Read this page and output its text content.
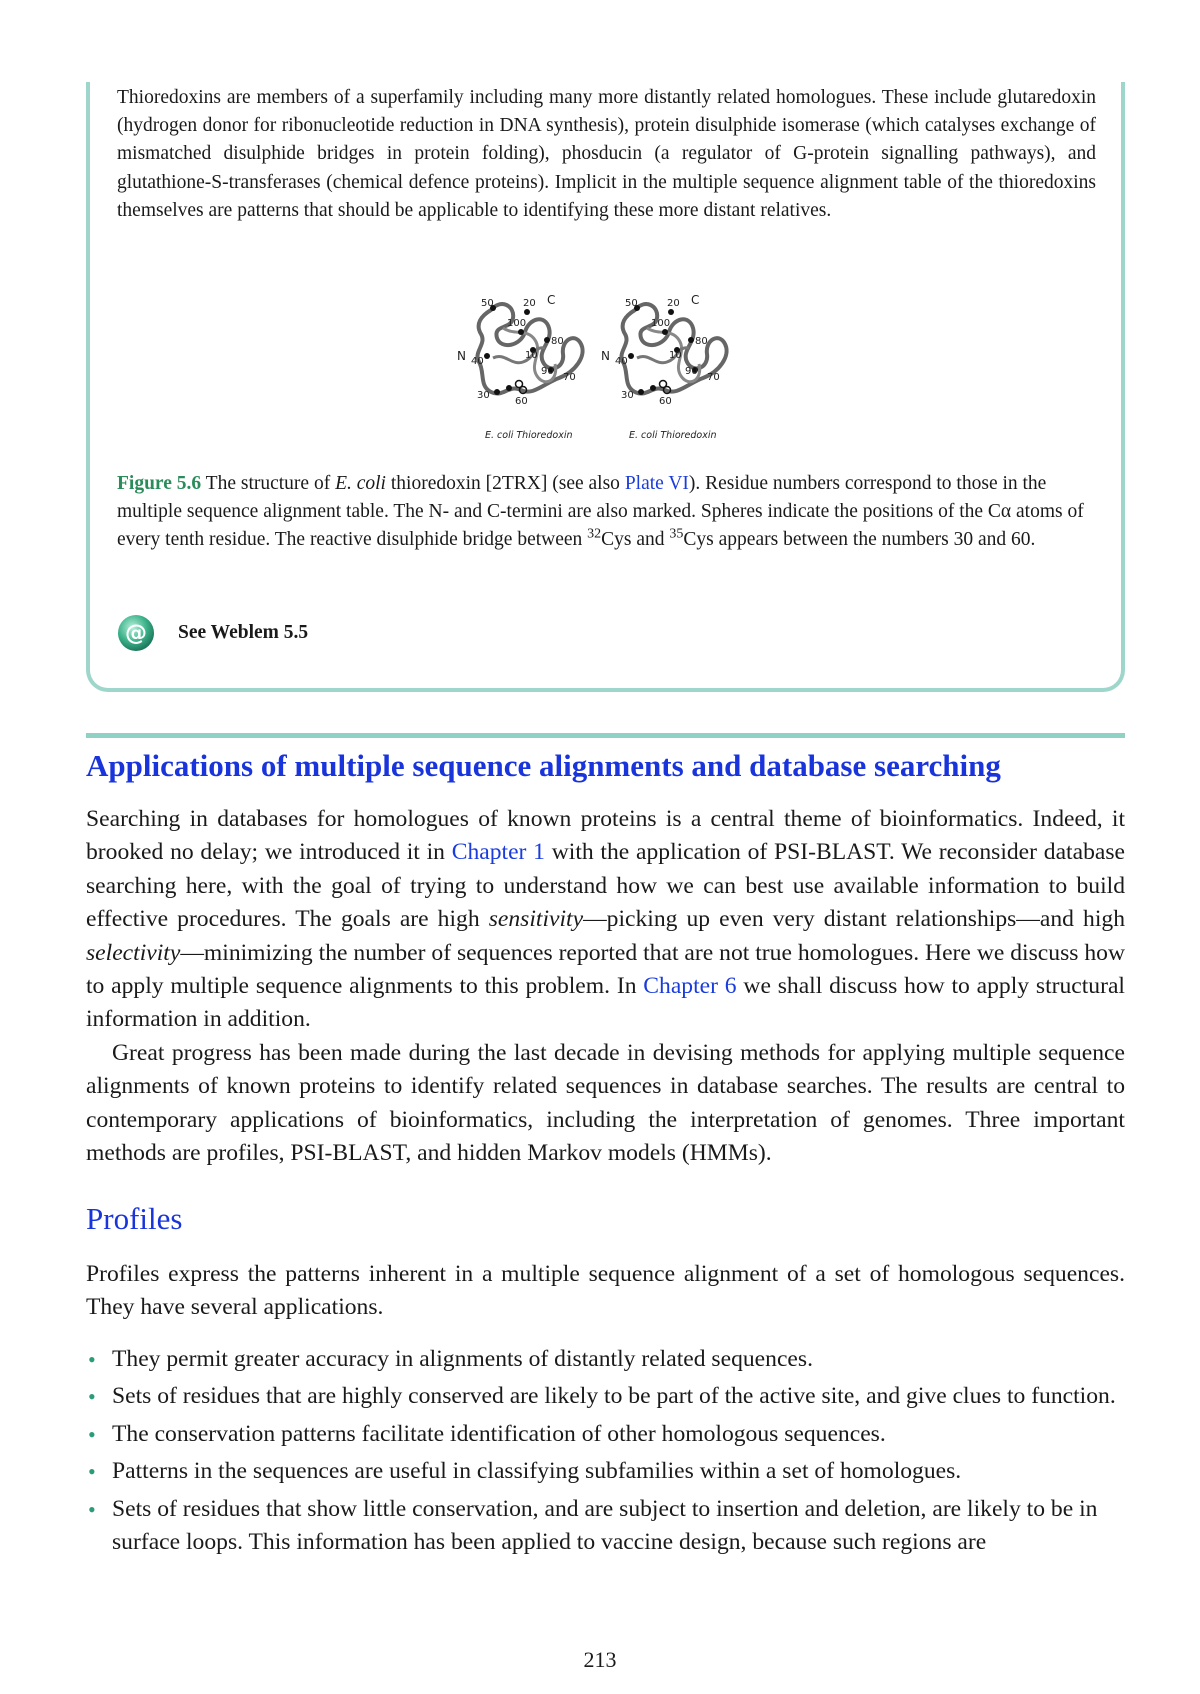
Thioredoxins are members of a superfamily including many more distantly related homologues. These include glutaredoxin (hydrogen donor for ribonucleotide reduction in DNA synthesis), protein disulphide isomerase (which catalyses exchange of mismatched disulphide bridges in protein folding), phosducin (a regulator of G-protein signalling pathways), and glutathione-S-transferases (chemical defence proteins). Implicit in the multiple sequence alignment table of the thioredoxins themselves are patterns that should be applicable to identifying these more distant relatives.

50	20 C
100
80
N 40
10
90
70
30
60
E. coli Thioredoxin
50	20 C
100
80
N 40
10
90
70
30
60
E. coli Thioredoxin

Figure 5.6 The structure of E. coli thioredoxin [2TRX] (see also Plate VI). Residue numbers correspond to those in the multiple sequence alignment table. The N- and C-termini are also marked. Spheres indicate the positions of the Cα atoms of every tenth residue. The reactive disulphide bridge between $^{32}$Cys and $^{35}$Cys appears between the numbers 30 and 60.

@ See Weblem 5.5
Applications of multiple sequence alignments and database searching

Searching in databases for homologues of known proteins is a central theme of bioinformatics. Indeed, it brooked no delay; we introduced it in Chapter 1 with the application of PSI-BLAST. We reconsider database searching here, with the goal of trying to understand how we can best use available information to build effective procedures. The goals are high sensitivity—picking up even very distant relationships—and high selectivity—minimizing the number of sequences reported that are not true homologues. Here we discuss how to apply multiple sequence alignments to this problem. In Chapter 6 we shall discuss how to apply structural information in addition.

Great progress has been made during the last decade in devising methods for applying multiple sequence alignments of known proteins to identify related sequences in database searches. The results are central to contemporary applications of bioinformatics, including the interpretation of genomes. Three important methods are profiles, PSI-BLAST, and hidden Markov models (HMMs).

Profiles

Profiles express the patterns inherent in a multiple sequence alignment of a set of homologous sequences. They have several applications.

• They permit greater accuracy in alignments of distantly related sequences.
• Sets of residues that are highly conserved are likely to be part of the active site, and give clues to function.
• The conservation patterns facilitate identification of other homologous sequences.
• Patterns in the sequences are useful in classifying subfamilies within a set of homologues.
• Sets of residues that show little conservation, and are subject to insertion and deletion, are likely to be in surface loops. This information has been applied to vaccine design, because such regions are
213
